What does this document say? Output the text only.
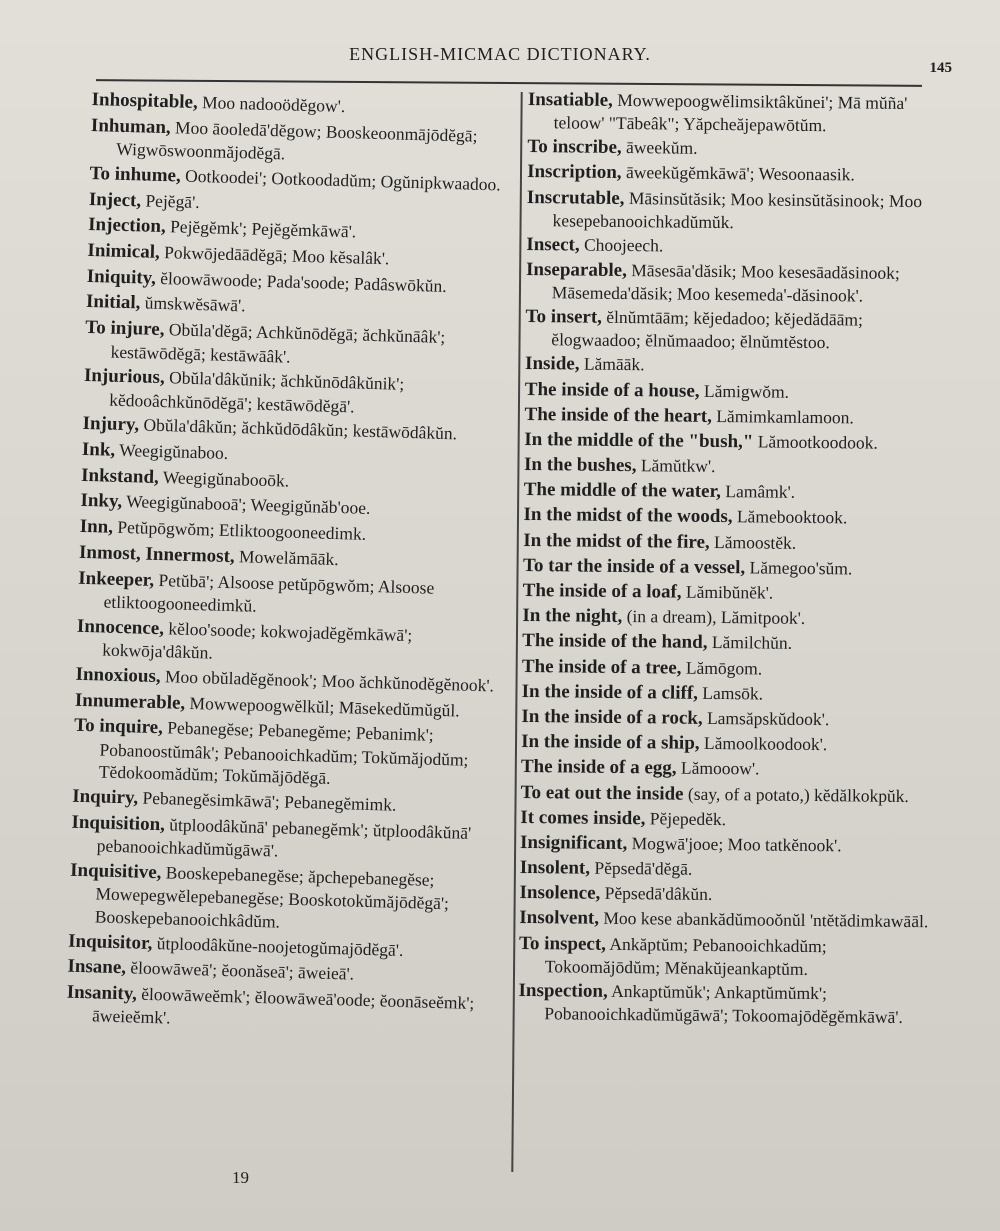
ENGLISH-MICMAC DICTIONARY.
145
Inhospitable, Moo nadooödĕgow'.
Inhuman, Moo āooledā'dĕgow; Booskeoonmājōdĕgā; Wigwōswoonmăjodĕgā.
To inhume, Ootkoodei'; Ootkoodadŭm; Ogŭnipkwaadoo.
Inject, Pejĕgā'.
Injection, Pejĕgĕmk'; Pejĕgĕmkāwā'.
Inimical, Pokwōjedāādĕgā; Moo kĕsalâk'.
Iniquity, ĕloowāwoode; Pada'soode; Padâswōkŭn.
Initial, ŭmskwĕsāwā'.
To injure, Obŭla'dĕgā; Achkŭnōdĕgā; ăchkŭnāâk'; kestāwōdĕgā; kestāwāâk'.
Injurious, Obŭla'dâkŭnik; ăchkŭnōdâkŭnik'; kĕdooâchkŭnōdĕgā'; kestāwōdĕgā'.
Injury, Obŭla'dâkŭn; ăchkŭdōdâkŭn; kestāwōdâkŭn.
Ink, Weegigŭnaboo.
Inkstand, Weegigŭnabooōk.
Inky, Weegigŭnabooā'; Weegigŭnăb'ooe.
Inn, Petŭpōgwŏm; Etliktoogooneedimk.
Inmost, Innermost, Mowelămāāk.
Inkeeper, Petŭbā'; Alsoose petŭpōgwŏm; Alsoose etliktoogooneedimkŭ.
Innocence, kĕloo'soode; kokwojadĕgĕmkāwā'; kokwōja'dâkŭn.
Innoxious, Moo obŭladĕgĕnook'; Moo ăchkŭnodĕgĕnook'.
Innumerable, Mowwepoogwĕlkŭl; Māsekedŭmŭgŭl.
To inquire, Pebanegĕse; Pebanegĕme; Pebanimk'; Pobanoostŭmâk'; Pebanooichkadŭm; Tokŭmăjodŭm; Tĕdokoomădŭm; Tokŭmăjōdĕgā.
Inquiry, Pebanegĕsimkāwā'; Pebanegĕmimk.
Inquisition, ŭtploodâkŭnā' pebanegĕmk'; ŭtploodâkŭnā' pebanooichkadŭmŭgāwā'.
Inquisitive, Booskepebanegĕse; ăpchepebanegĕse; Mowepegwĕlepebanegĕse; Booskotokŭmăjōdĕgā'; Booskepebanooichkâdŭm.
Inquisitor, ŭtploodâkŭne-noojetogŭmajōdĕgā'.
Insane, ĕloowāweā'; ĕoonăseā'; āweieā'.
Insanity, ĕloowāweĕmk'; ĕloowāweā'oode; ĕoonāseĕmk'; āweieĕmk'.
Insatiable, Mowwepoogwĕlimsiktâkŭnei'; Mā mŭña' teloow' "Tābeâk"; Yăpcheăjepawōtŭm.
To inscribe, āweekŭm.
Inscription, āweekŭgĕmkāwā'; Wesoonaasik.
Inscrutable, Māsinsŭtăsik; Moo kesinsŭtăsinook; Moo kesepebanooichkadŭmŭk.
Insect, Choojeech.
Inseparable, Māsesāa'dăsik; Moo kesesāadăsinook; Māsemeda'dăsik; Moo kesemeda'-dăsinook'.
To insert, ĕlnŭmtāām; kĕjedadoo; kĕjedădāām; ĕlogwaadoo; ĕlnŭmaadoo; ĕlnŭmtĕstoo.
Inside, Lămāāk.
The inside of a house, Lămigwŏm.
The inside of the heart, Lămimkamlamoon.
In the middle of the "bush," Lămootkoodook.
In the bushes, Lămŭtkw'.
The middle of the water, Lamâmk'.
In the midst of the woods, Lămebooktook.
In the midst of the fire, Lămoostĕk.
To tar the inside of a vessel, Lămegoo'sŭm.
The inside of a loaf, Lămibŭnĕk'.
In the night, (in a dream), Lămitpook'.
The inside of the hand, Lămilchŭn.
The inside of a tree, Lămōgom.
In the inside of a cliff, Lamsōk.
In the inside of a rock, Lamsăpskŭdook'.
In the inside of a ship, Lămoolkoodook'.
The inside of a egg, Lămooow'.
To eat out the inside (say, of a potato,) kĕdălkokpŭk.
It comes inside, Pĕjepedĕk.
Insignificant, Mogwā'jooe; Moo tatkĕnook'.
Insolent, Pĕpsedā'dĕgā.
Insolence, Pĕpsedā'dâkŭn.
Insolvent, Moo kese abankădŭmooŏnŭl 'ntĕtădimkawāāl.
To inspect, Ankăptŭm; Pebanooichkadŭm; Tokoomăjōdŭm; Mĕnakŭjeankaptŭm.
Inspection, Ankaptŭmŭk'; Ankaptŭmŭmk'; Pobanooichkadŭmŭgāwā'; Tokoomajōdĕgĕmkāwā'.
19
